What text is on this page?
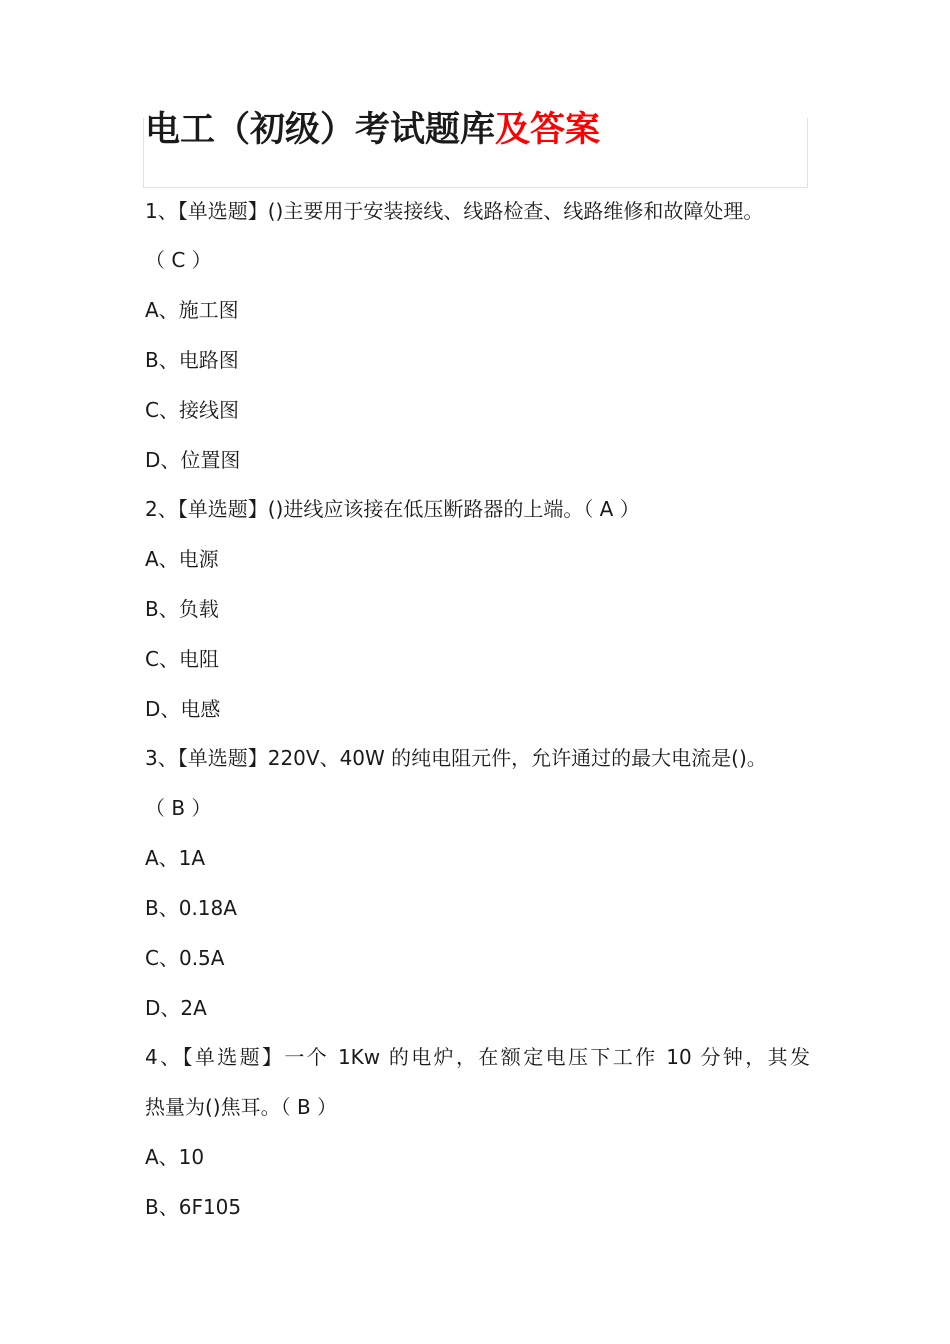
电工（初级）考试题库及答案
1、【单选题】()主要用于安装接线、线路检查、线路维修和故障处理。
（ C ）
A、施工图
B、电路图
C、接线图
D、位置图
2、【单选题】()进线应该接在低压断路器的上端。（ A ）
A、电源
B、负载
C、电阻
D、电感
3、【单选题】220V、40W 的纯电阻元件，允许通过的最大电流是()。
（ B ）
A、1A
B、0.18A
C、0.5A
D、2A
4、【单选题】一个 1Kw 的电炉，在额定电压下工作 10 分钟，其发
热量为()焦耳。（ B ）
A、10
B、6F105
